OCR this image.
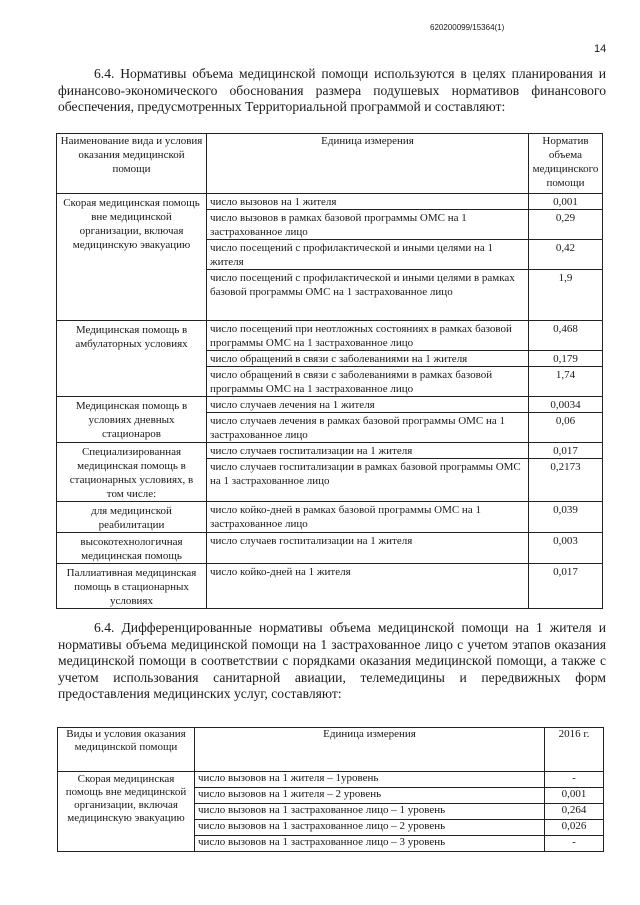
620200099/15364(1)
14
6.4. Нормативы объема медицинской помощи используются в целях планирования и финансово-экономического обоснования размера подушевых нормативов финансового обеспечения, предусмотренных Территориальной программой и составляют:
Наименование вида и условия оказания медицинской помощи	Единица измерения	Норматив объема медицинского помощи
Скорая медицинская помощь вне медицинской организации, включая медицинскую эвакуацию	число вызовов на 1 жителя	0,001
	число вызовов в рамках базовой программы ОМС на 1 застрахованное лицо	0,29
	число посещений с профилактической и иными целями на 1 жителя	0,42
	число посещений с профилактической и иными целями в рамках базовой программы ОМС на 1 застрахованное лицо	1,9
Медицинская помощь в амбулаторных условиях	число посещений при неотложных состояниях в рамках базовой программы ОМС на 1 застрахованное лицо	0,468
	число обращений в связи с заболеваниями на 1 жителя	0,179
	число обращений в связи с заболеваниями в рамках базовой программы ОМС на 1 застрахованное лицо	1,74
Медицинская помощь в условиях дневных стационаров	число случаев лечения на 1 жителя	0,0034
	число случаев лечения в рамках базовой программы ОМС на 1 застрахованное лицо	0,06
Специализированная медицинская помощь в стационарных условиях, в том числе:	число случаев госпитализации на 1 жителя	0,017
	число случаев госпитализации в рамках базовой программы ОМС на 1 застрахованное лицо	0,2173
для медицинской реабилитации	число койко-дней в рамках базовой программы ОМС на 1 застрахованное лицо	0,039
высокотехнологичная медицинская помощь	число случаев госпитализации на 1 жителя	0,003
Паллиативная медицинская помощь в стационарных условиях	число койко-дней на 1 жителя	0,017
6.4. Дифференцированные нормативы объема медицинской помощи на 1 жителя и нормативы объема медицинской помощи на 1 застрахованное лицо с учетом этапов оказания медицинской помощи в соответствии с порядками оказания медицинской помощи, а также с учетом использования санитарной авиации, телемедицины и передвижных форм предоставления медицинских услуг, составляют:
Виды и условия оказания медицинской помощи	Единица измерения	2016 г.
Скорая медицинская помощь вне медицинской организации, включая медицинскую эвакуацию	число вызовов на 1 жителя – 1уровень	-
	число вызовов на 1 жителя – 2 уровень	0,001
	число вызовов на 1 застрахованное лицо – 1 уровень	0,264
	число вызовов на 1 застрахованное лицо – 2 уровень	0,026
	число вызовов на 1 застрахованное лицо – 3 уровень	-
